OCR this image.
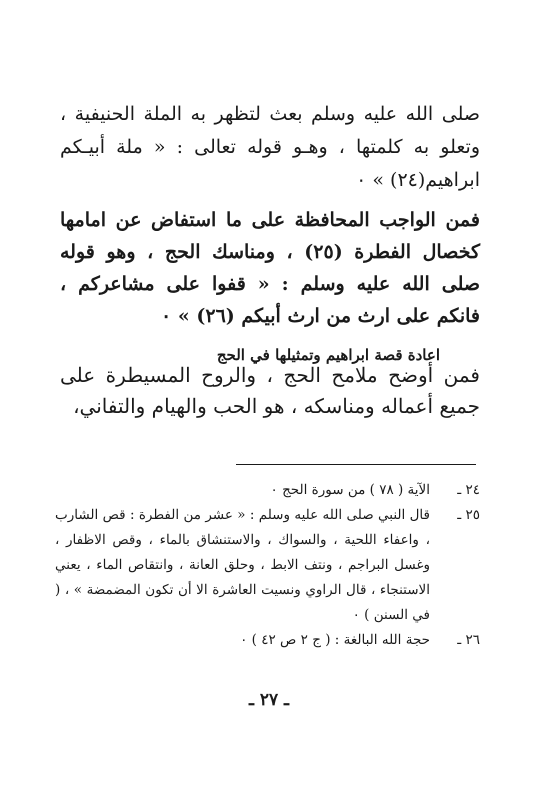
صلى الله عليه وسلم بعث لتظهر به الملة الحنيفية ، وتعلو به كلمتها ، وهـو قوله تعالى : « ملة أبيـكم ابراهيم(٢٤) » ٠

فمن الواجب المحافظة على ما استفاض عن امامها كخصال الفطرة (٢٥) ، ومناسك الحج ، وهو قوله صلى الله عليه وسلم : « قفوا على مشاعركم ، فانكم على ارث من ارث أبيكم (٢٦) » ٠

اعادة قصة ابراهيم وتمثيلها في الحج

فمن أوضح ملامح الحج ، والروح المسيطرة على جميع أعماله ومناسكه ، هو الحب والهيام والتفاني،

٢٤ ـ
الآية ( ٧٨ ) من سورة الحج ٠
٢٥ ـ
قال النبي صلى الله عليه وسلم : « عشر من الفطرة : قص الشارب ، واعفاء اللحية ، والسواك ، والاستنشاق بالماء ، وقص الاظفار ، وغسل البراجم ، ونتف الابط ، وحلق العانة ، وانتقاص الماء ، يعني الاستنجاء ، قال الراوي ونسيت العاشرة الا أن تكون المضمضة » ، ( في السنن ) ٠
٢٦ ـ
حجة الله البالغة : ( ج ٢ ص ٤٢ ) ٠
ـ ٢٧ ـ
